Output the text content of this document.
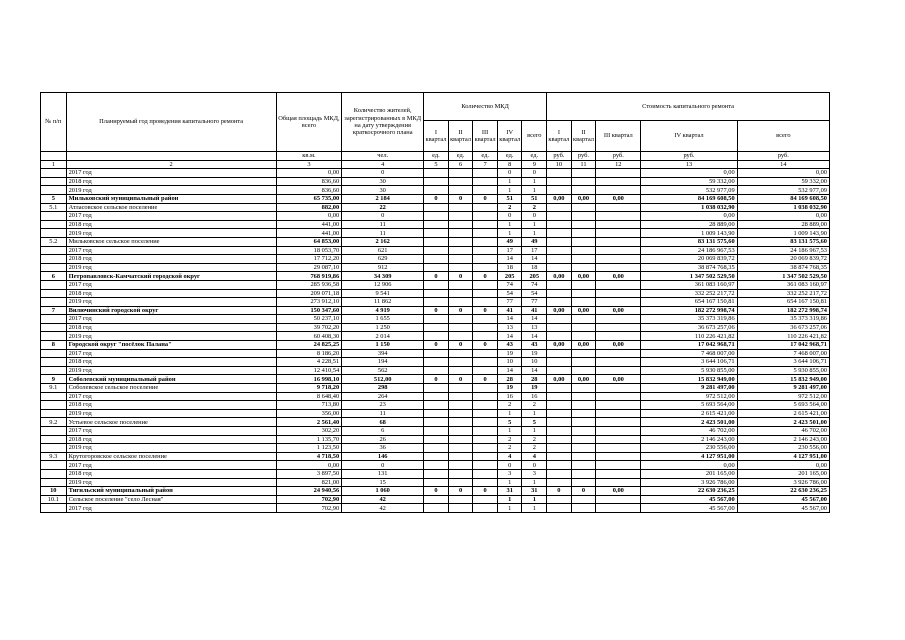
№ п/п	Планируемый год проведения капитального ремонта	Общая площадь МКД, всего	Количество жителей, зарегистрированных в МКД на дату утверждения краткосрочного плана	Количество МКД					Стоимость капитального ремонта				
				I квартал	II квартал	III квартал	IV квартал	всего	I квартал	II квартал	III квартал	IV квартал	всего
		кв.м.	чел.	ед.	ед.	ед.	ед.	ед.	руб.	руб.	руб.	руб.	руб.
1	2	3	4	5	6	7	8	9	10	11	12	13	14
	2017 год	0,00	0				0	0				0,00	0,00
	2018 год	836,60	30				1	1				59 332,00	59 332,00
	2019 год	836,60	30				1	1				532 977,09	532 977,09
5	Мильковский муниципальный район	65 735,00	2 184	0	0	0	51	51	0,00	0,00	0,00	84 169 608,50	84 169 608,50
5.1	Атласовское сельское поселение	882,00	22				2	2				1 038 032,90	1 038 032,90
	2017 год	0,00	0				0	0				0,00	0,00
	2018 год	441,00	11				1	1				28 889,00	28 889,00
	2019 год	441,00	11				1	1				1 009 143,90	1 009 143,90
5.2	Мильковское сельское поселение	64 853,00	2 162				49	49				83 131 575,60	83 131 575,60
	2017 год	18 053,70	621				17	17				24 186 967,53	24 186 967,53
	2018 год	17 712,20	629				14	14				20 069 839,72	20 069 839,72
	2019 год	29 087,10	912				18	18				38 874 768,35	38 874 768,35
6	Петропавловск-Камчатский городской округ	768 919,86	34 309	0	0	0	205	205	0,00	0,00	0,00	1 347 502 529,50	1 347 502 529,50
	2017 год	285 936,58	12 906				74	74				361 083 160,97	361 083 160,97
	2018 год	209 071,18	9 541				54	54				332 252 217,72	332 252 217,72
	2019 год	273 912,10	11 862				77	77				654 167 150,81	654 167 150,81
7	Вилючинский городской округ	150 347,60	4 919	0	0	0	41	41	0,00	0,00	0,00	182 272 998,74	182 272 998,74
	2017 год	50 237,10	1 655				14	14				35 373 319,86	35 373 319,86
	2018 год	39 702,20	1 250				13	13				36 673 257,06	36 673 257,06
	2019 год	60 408,30	2 014				14	14				110 226 421,82	110 226 421,82
8	Городской округ "посёлок Палана"	24 825,25	1 150	0	0	0	43	43	0,00	0,00	0,00	17 042 968,71	17 042 968,71
	2017 год	8 186,20	394				19	19				7 468 007,00	7 468 007,00
	2018 год	4 228,51	194				10	10				3 644 106,71	3 644 106,71
	2019 год	12 410,54	562				14	14				5 930 855,00	5 930 855,00
9	Соболевский муниципальный район	16 998,10	512,00	0	0	0	28	28	0,00	0,00	0,00	15 832 949,00	15 832 949,00
9.1	Соболевское сельское поселение	9 718,20	298				19	19				9 281 497,00	9 281 497,00
	2017 год	8 648,40	264				16	16				972 512,00	972 512,00
	2018 год	713,80	23				2	2				5 693 564,00	5 693 564,00
	2019 год	356,00	11				1	1				2 615 421,00	2 615 421,00
9.2	Устьевое сельское поселение	2 561,40	68				5	5				2 423 501,00	2 423 501,00
	2017 год	302,20	6				1	1				46 702,00	46 702,00
	2018 год	1 135,70	26				2	2				2 146 243,00	2 146 243,00
	2019 год	1 123,50	36				2	2				230 556,00	230 556,00
9.3	Крутогоровское сельское поселение	4 718,50	146				4	4				4 127 951,00	4 127 951,00
	2017 год	0,00	0				0	0				0,00	0,00
	2018 год	3 897,50	131				3	3				201 165,00	201 165,00
	2019 год	821,00	15				1	1				3 926 786,00	3 926 786,00
10	Тигильский муниципальный район	24 940,56	1 060	0	0	0	31	31	0	0	0,00	22 630 236,25	22 630 236,25
10.1	Сельское поселение "село Лесная"	702,90	42				1	1				45 567,00	45 567,00
	2017 год	702,90	42				1	1				45 567,00	45 567,00
